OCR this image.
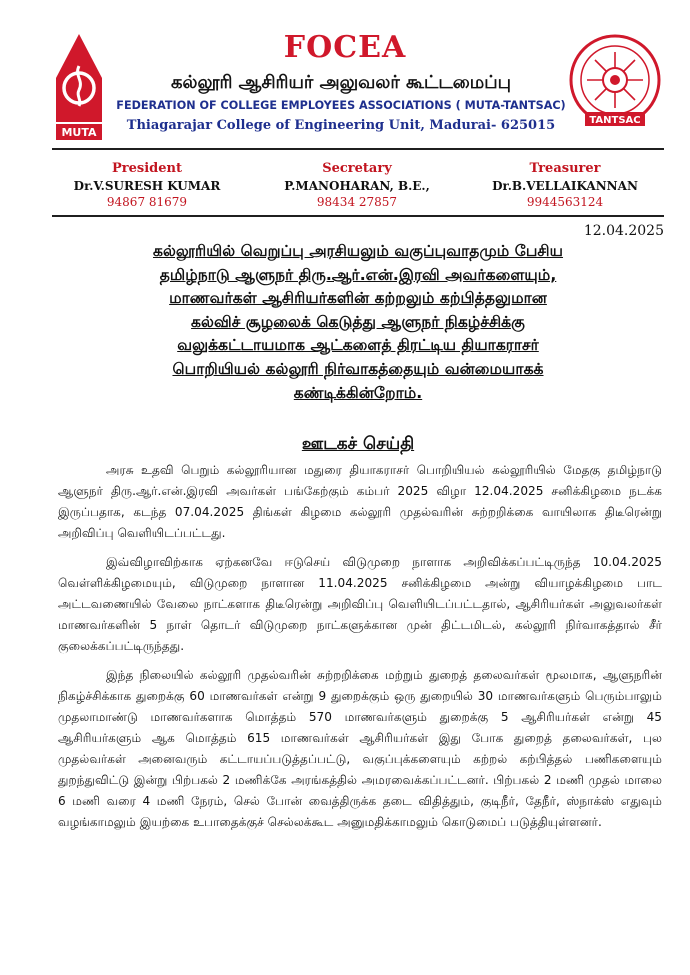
MUTA
TANTSAC
FOCEA
கல்லூரி ஆசிரியர் அலுவலர் கூட்டமைப்பு
FEDERATION OF COLLEGE EMPLOYEES ASSOCIATIONS ( MUTA-TANTSAC)
Thiagarajar College of Engineering Unit, Madurai- 625015
President
Dr.V.SURESH KUMAR
94867 81679
Secretary
P.MANOHARAN, B.E.,
98434 27857
Treasurer
Dr.B.VELLAIKANNAN
9944563124
12.04.2025
கல்லூரியில் வெறுப்பு அரசியலும் வகுப்புவாதமும் பேசிய
தமிழ்நாடு ஆளுநர் திரு.ஆர்.என்.இரவி அவர்களையும்,
மாணவர்கள் ஆசிரியர்களின் கற்றலும் கற்பித்தலுமான
கல்விச் சூழலைக் கெடுத்து ஆளுநர் நிகழ்ச்சிக்கு
வலுக்கட்டாயமாக ஆட்களைத் திரட்டிய தியாகராசர்
பொறியியல் கல்லூரி நிர்வாகத்தையும் வன்மையாகக்
கண்டிக்கின்றோம்.
ஊடகச் செய்தி

அரசு உதவி பெறும் கல்லூரியான மதுரை தியாகராசர் பொறியியல் கல்லூரியில் மேதகு தமிழ்நாடு ஆளுநர் திரு.ஆர்.என்.இரவி அவர்கள் பங்கேற்கும் கம்பர் 2025 விழா 12.04.2025 சனிக்கிழமை நடக்க இருப்பதாக, கடந்த 07.04.2025 திங்கள் கிழமை கல்லூரி முதல்வரின் சுற்றறிக்கை வாயிலாக திடீரென்று அறிவிப்பு வெளியிடப்பட்டது.

இவ்விழாவிற்காக ஏற்கனவே ஈடுசெய் விடுமுறை நாளாக அறிவிக்கப்பட்டிருந்த 10.04.2025 வெள்ளிக்கிழமையும், விடுமுறை நாளான 11.04.2025 சனிக்கிழமை அன்று வியாழக்கிழமை பாட அட்டவணையில் வேலை நாட்களாக திடீரென்று அறிவிப்பு வெளியிடப்பட்டதால், ஆசிரியர்கள் அலுவலர்கள் மாணவர்களின் 5 நாள் தொடர் விடுமுறை நாட்களுக்கான முன் திட்டமிடல், கல்லூரி நிர்வாகத்தால் சீர் குலைக்கப்பட்டிருந்தது.

இந்த நிலையில் கல்லூரி முதல்வரின் சுற்றறிக்கை மற்றும் துறைத் தலைவர்கள் மூலமாக, ஆளுநரின் நிகழ்ச்சிக்காக துறைக்கு 60 மாணவர்கள் என்று 9 துறைக்கும் ஒரு துறையில் 30 மாணவர்களும் பெரும்பாலும் முதலாமாண்டு மாணவர்களாக மொத்தம் 570 மாணவர்களும் துறைக்கு 5 ஆசிரியர்கள் என்று 45 ஆசிரியர்களும் ஆக மொத்தம் 615 மாணவர்கள் ஆசிரியர்கள் இது போக துறைத் தலைவர்கள், புல முதல்வர்கள் அனைவரும் கட்டாயப்படுத்தப்பட்டு, வகுப்புக்களையும் கற்றல் கற்பித்தல் பணிகளையும் துறந்துவிட்டு இன்று பிற்பகல் 2 மணிக்கே அரங்கத்தில் அமரவைக்கப்பட்டனர். பிற்பகல் 2 மணி முதல் மாலை 6 மணி வரை 4 மணி நேரம், செல் போன் வைத்திருக்க தடை விதித்தும், குடிநீர், தேநீர், ஸ்நாக்ஸ் எதுவும் வழங்காமலும் இயற்கை உபாதைக்குச் செல்லக்கூட அனுமதிக்காமலும் கொடுமைப் படுத்தியுள்ளனர்.
